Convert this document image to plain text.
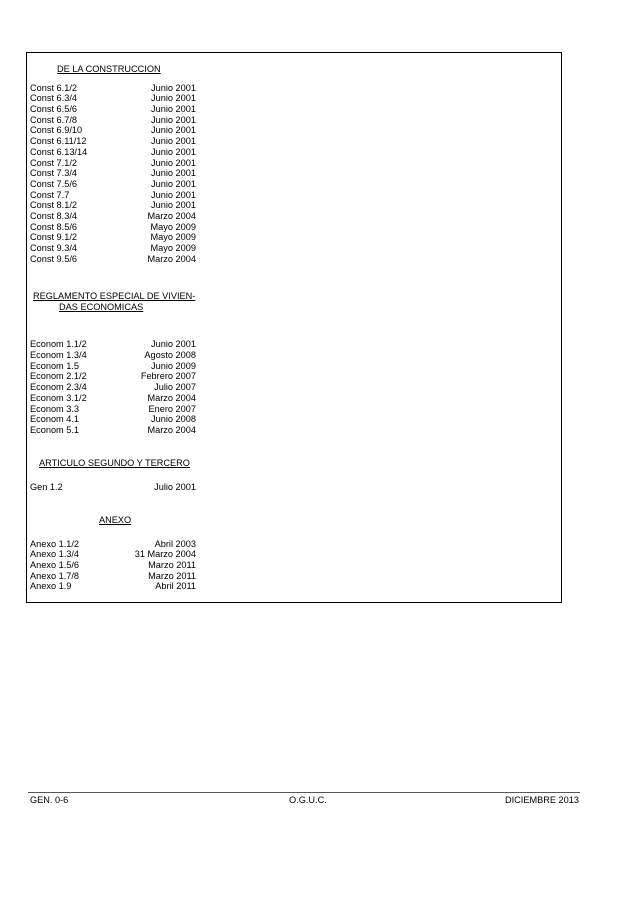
DE LA CONSTRUCCION
Const 6.1/2	Junio 2001
Const 6.3/4	Junio 2001
Const 6.5/6	Junio 2001
Const 6.7/8	Junio 2001
Const 6.9/10	Junio 2001
Const 6.11/12	Junio 2001
Const 6.13/14	Junio 2001
Const 7.1/2	Junio 2001
Const 7.3/4	Junio 2001
Const 7.5/6	Junio 2001
Const 7.7	Junio 2001
Const 8.1/2	Junio 2001
Const 8.3/4	Marzo 2004
Const 8.5/6	Mayo 2009
Const 9.1/2	Mayo 2009
Const 9.3/4	Mayo 2009
Const 9.5/6	Marzo 2004
REGLAMENTO ESPECIAL DE VIVIEN-
DAS ECONOMICAS
Econom 1.1/2	Junio 2001
Econom 1.3/4	Agosto 2008
Econom 1.5	Junio 2009
Econom 2.1/2	Febrero 2007
Econom 2.3/4	Julio 2007
Econom 3.1/2	Marzo 2004
Econom 3.3	Enero 2007
Econom 4.1	Junio 2008
Econom 5.1	Marzo 2004
ARTICULO SEGUNDO Y TERCERO
Gen 1.2	Julio 2001
ANEXO
Anexo 1.1/2	Abril 2003
Anexo 1.3/4	31 Marzo 2004
Anexo 1.5/6	Marzo 2011
Anexo 1.7/8	Marzo 2011
Anexo 1.9	Abril 2011
GEN. 0-6	O.G.U.C.	DICIEMBRE 2013
